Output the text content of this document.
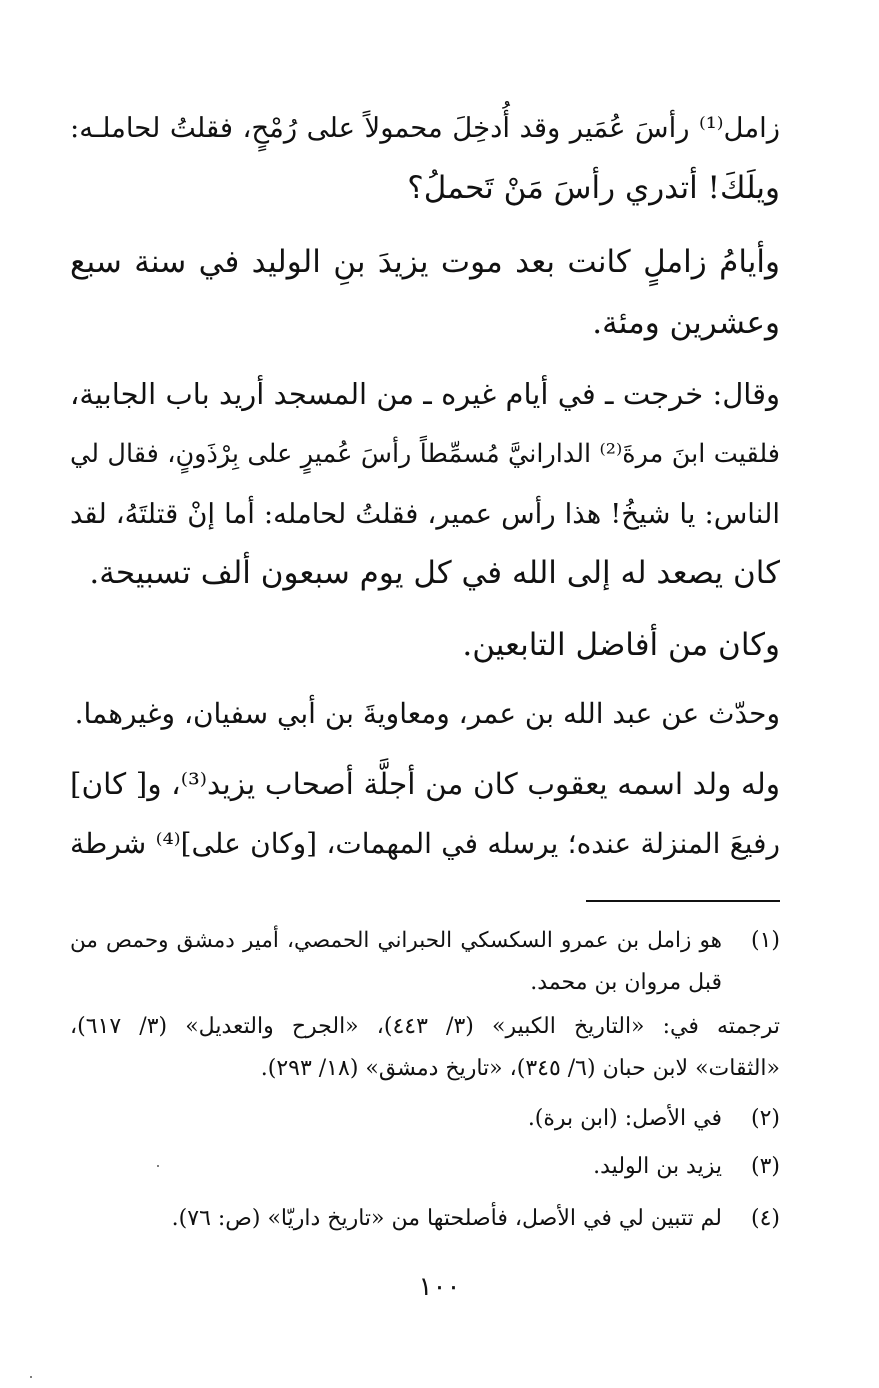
زامل⁽¹⁾ رأسَ عُمَير وقد أُدخِلَ محمولاً على رُمْحٍ، فقلتُ لحاملـه:

ويلَكَ! أتدري رأسَ مَنْ تَحملُ؟

وأيامُ زاملٍ كانت بعد موت يزيدَ بنِ الوليد في سنة سبع

وعشرين ومئة.

وقال: خرجت ـ في أيام غيره ـ من المسجد أريد باب الجابية،

فلقيت ابنَ مرةَ⁽²⁾ الدارانيَّ مُسمِّطاً رأسَ عُميرٍ على بِرْذَونٍ، فقال لي

الناس: يا شيخُ! هذا رأس عمير، فقلتُ لحامله: أما إنْ قتلتَهُ، لقد

كان يصعد له إلى الله في كل يوم سبعون ألف تسبيحة.

وكان من أفاضل التابعين.

وحدّث عن عبد الله بن عمر، ومعاويةَ بن أبي سفيان، وغيرهما.

وله ولد اسمه يعقوب كان من أجلَّة أصحاب يزيد⁽³⁾، و[ كان]

رفيعَ المنزلة عنده؛ يرسله في المهمات، [وكان على]⁽⁴⁾ شرطة

(١)
هو زامل بن عمرو السكسكي الحبراني الحمصي، أمير دمشق وحمص من
قبل مروان بن محمد.
ترجمته في: «التاريخ الكبير» (٣/ ٤٤٣)، «الجرح والتعديل» (٣/ ٦١٧)،
«الثقات» لابن حبان (٦/ ٣٤٥)، «تاريخ دمشق» (١٨/ ٢٩٣).
(٢)
في الأصل: (ابن برة).
(٣)
يزيد بن الوليد.
(٤)
لم تتبين لي في الأصل، فأصلحتها من «تاريخ داريّا» (ص: ٧٦).
١٠٠
